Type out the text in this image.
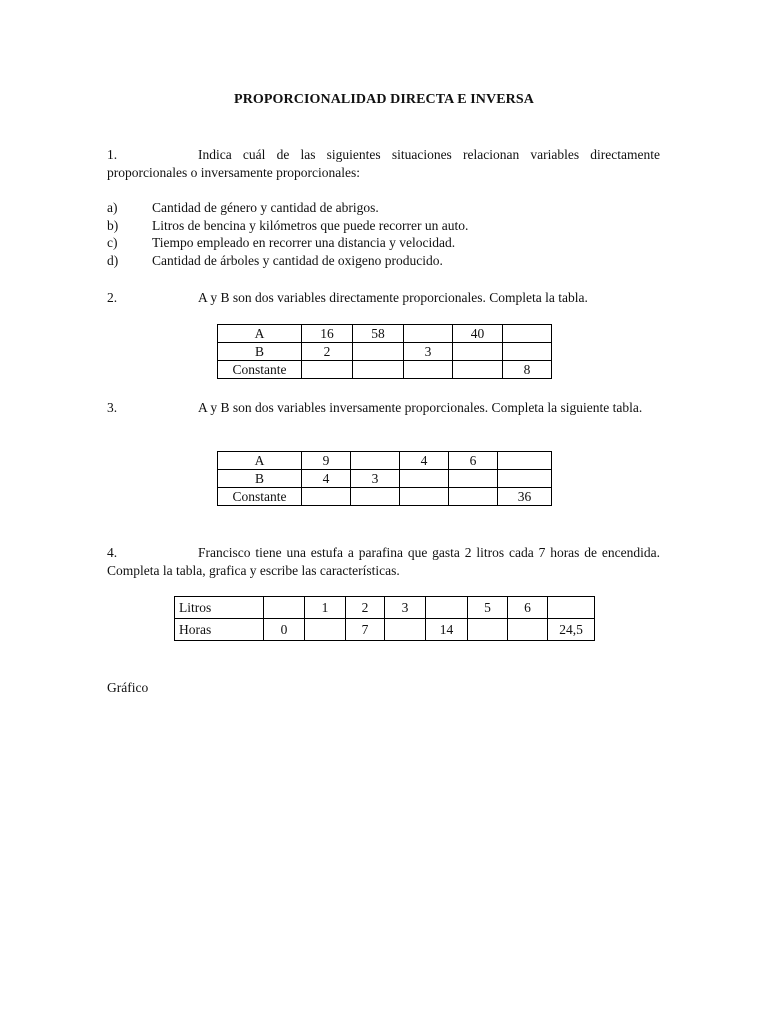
PROPORCIONALIDAD DIRECTA E INVERSA
1.	Indica cuál de las siguientes situaciones relacionan variables directamente proporcionales o inversamente proporcionales:
a)	Cantidad de género y cantidad de abrigos.
b)	Litros de bencina y kilómetros que puede recorrer un auto.
c)	Tiempo empleado en recorrer una distancia y velocidad.
d)	Cantidad de árboles y cantidad de oxigeno producido.
2.	A y B son dos variables directamente proporcionales. Completa la tabla.
A	16	58		40	
B	2		3		
Constante					8
3.	A y B son dos variables inversamente proporcionales. Completa la siguiente tabla.
A	9		4	6	
B	4	3			
Constante					36
4.	Francisco tiene una estufa a parafina que gasta 2 litros cada 7 horas de encendida. Completa la tabla, grafica y escribe las características.
Litros		1	2	3		5	6	
Horas	0		7		14			24,5
Gráfico
